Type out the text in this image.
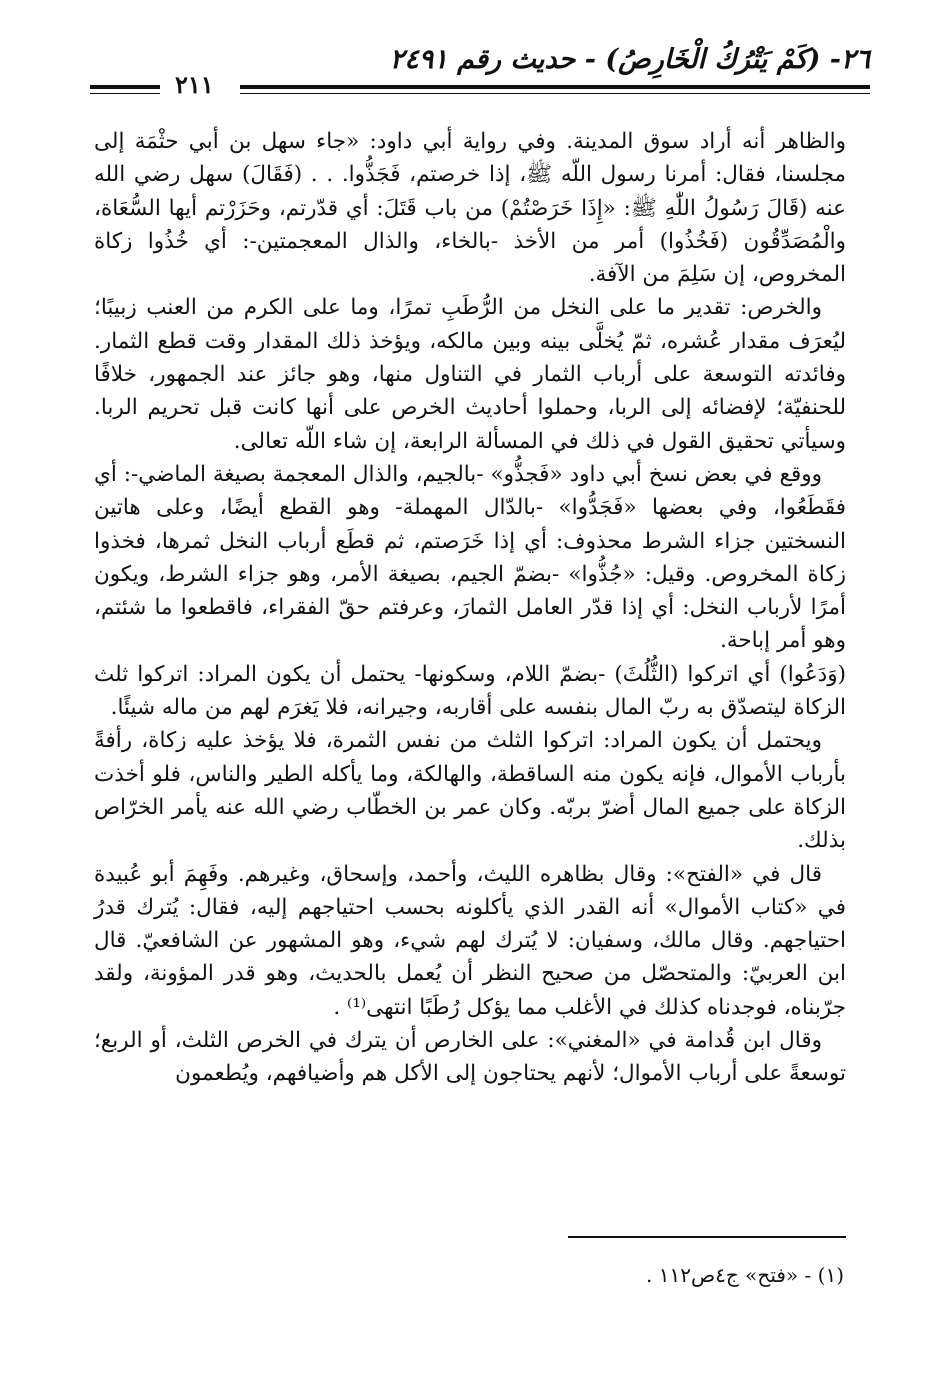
٢٦- (كَمْ يَتْرُكُ الْخَارِصُ) - حديث رقم ٢٤٩١
٢١١

والظاهر أنه أراد سوق المدينة. وفي رواية أبي داود: «جاء سهل بن أبي حثْمَة إلى مجلسنا، فقال: أمرنا رسول اللّه ﷺ، إذا خرصتم، فَجَذُّوا. . . (فَقَالَ) سهل رضي الله عنه (قَالَ رَسُولُ اللّٰهِ ﷺ: «إِذَا خَرَصْتُمْ) من باب قَتَلَ: أي قدّرتم، وحَزَرْتم أيها السُّعَاة، والْمُصَدِّقُون (فَخُذُوا) أمر من الأخذ -بالخاء، والذال المعجمتين-: أي خُذُوا زكاة المخروص، إن سَلِمَ من الآفة.

والخرص: تقدير ما على النخل من الرُّطَبِ تمرًا، وما على الكرم من العنب زبيبًا؛ ليُعرَف مقدار عُشره، ثمّ يُخلَّى بينه وبين مالكه، ويؤخذ ذلك المقدار وقت قطع الثمار. وفائدته التوسعة على أرباب الثمار في التناول منها، وهو جائز عند الجمهور، خلافًا للحنفيّة؛ لإفضائه إلى الربا، وحملوا أحاديث الخرص على أنها كانت قبل تحريم الربا. وسيأتي تحقيق القول في ذلك في المسألة الرابعة، إن شاء اللّه تعالى.

ووقع في بعض نسخ أبي داود «فَجذُّو» -بالجيم، والذال المعجمة بصيغة الماضي-: أي فقَطَعُوا، وفي بعضها «فَجَدُّوا» -بالدّال المهملة- وهو القطع أيضًا، وعلى هاتين النسختين جزاء الشرط محذوف: أي إذا خَرَصتم، ثم قطَع أرباب النخل ثمرها، فخذوا زكاة المخروص. وقيل: «جُذُّوا» -بضمّ الجيم، بصيغة الأمر، وهو جزاء الشرط، ويكون أمرًا لأرباب النخل: أي إذا قدّر العامل الثمارَ، وعرفتم حقّ الفقراء، فاقطعوا ما شئتم، وهو أمر إباحة.

(وَدَعُوا) أي اتركوا (الثُّلُثَ) -بضمّ اللام، وسكونها- يحتمل أن يكون المراد: اتركوا ثلث الزكاة ليتصدّق به ربّ المال بنفسه على أقاربه، وجيرانه، فلا يَغرَم لهم من ماله شيئًا.

ويحتمل أن يكون المراد: اتركوا الثلث من نفس الثمرة، فلا يؤخذ عليه زكاة، رأفةً بأرباب الأموال، فإنه يكون منه الساقطة، والهالكة، وما يأكله الطير والناس، فلو أخذت الزكاة على جميع المال أضرّ بربّه. وكان عمر بن الخطّاب رضي الله عنه يأمر الخرّاص بذلك.

قال في «الفتح»: وقال بظاهره الليث، وأحمد، وإسحاق، وغيرهم. وفَهِمَ أبو عُبيدة في «كتاب الأموال» أنه القدر الذي يأكلونه بحسب احتياجهم إليه، فقال: يُترك قدرُ احتياجهم. وقال مالك، وسفيان: لا يُترك لهم شيء، وهو المشهور عن الشافعيّ. قال ابن العربيّ: والمتحصّل من صحيح النظر أن يُعمل بالحديث، وهو قدر المؤونة، ولقد جرّبناه، فوجدناه كذلك في الأغلب مما يؤكل رُطَبًا انتهى⁽¹⁾ .

وقال ابن قُدامة في «المغني»: على الخارص أن يترك في الخرص الثلث، أو الربع؛ توسعةً على أرباب الأموال؛ لأنهم يحتاجون إلى الأكل هم وأضيافهم، ويُطعمون

(١) - «فتح» ج٤ص١١٢ .
